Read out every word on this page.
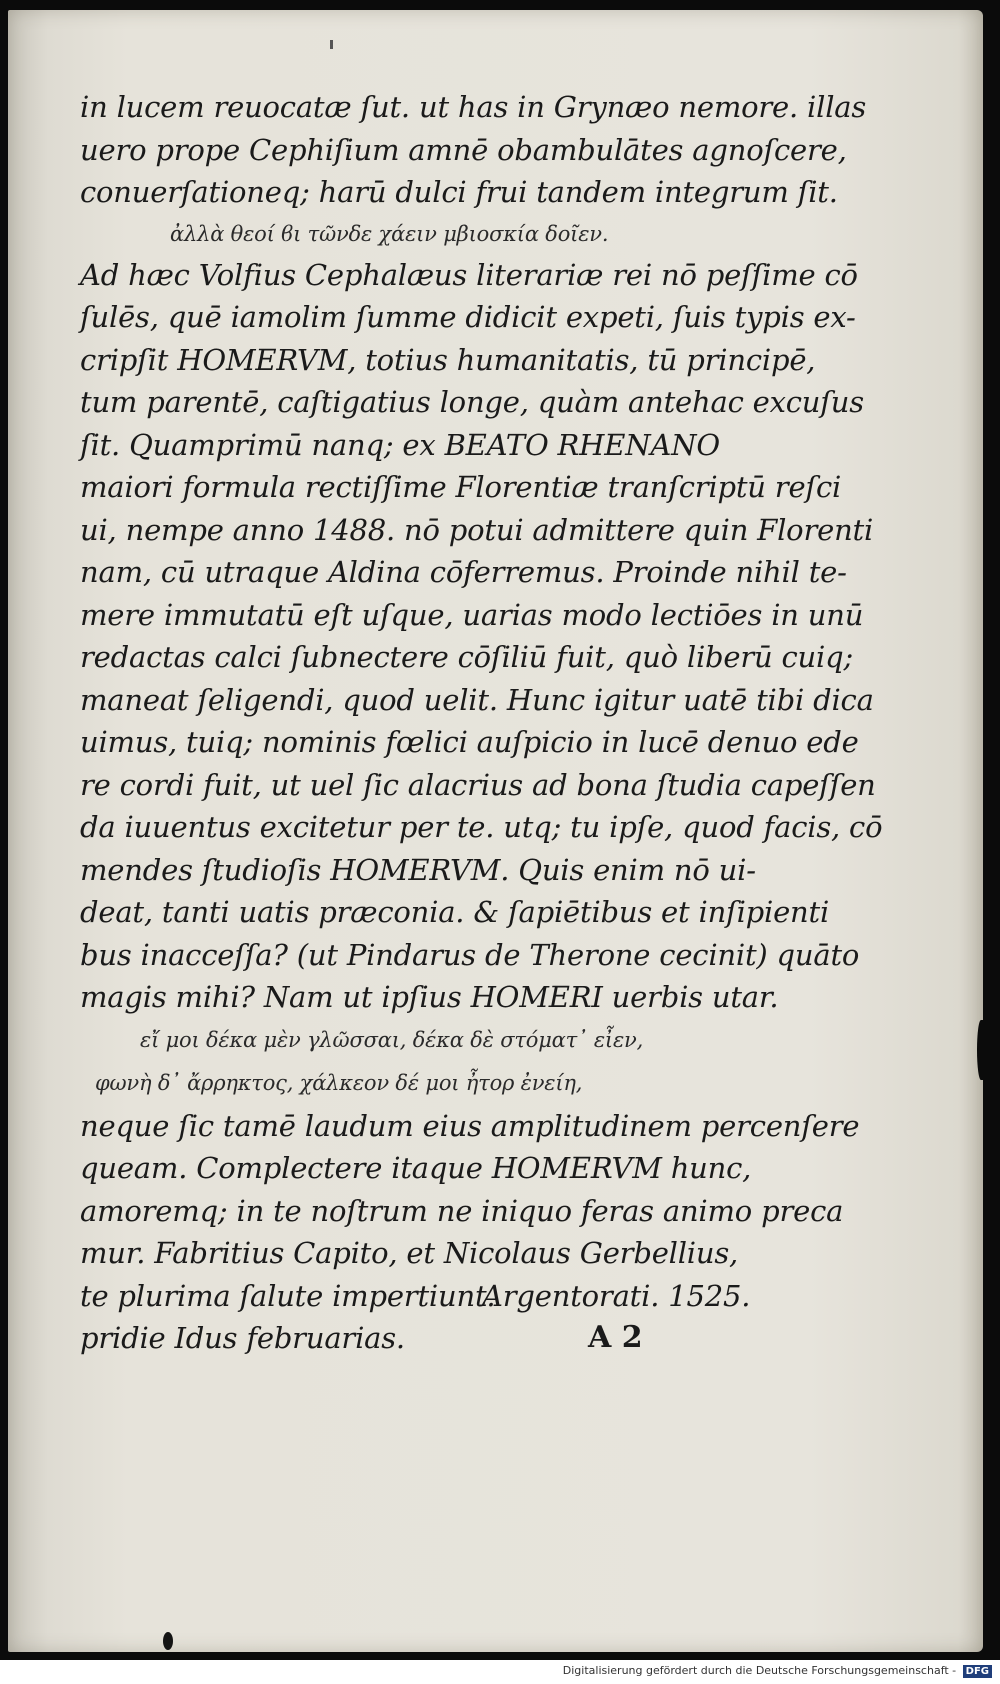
in lucem reuocatæ ſut. ut has in Grynæo nemore. illas
uero prope Cephiſium amnē obambulātes agnoſcere,
conuerſationeq; harū dulci frui tandem integrum ſit.
ἀλλὰ θεοί ϐι τῶνδε χάειν μβιοσκία δοῖεν.
Ad hæc Volfius Cephalæus literariæ rei nō peſſime cō
ſulēs, quē iamolim ſumme didicit expeti, ſuis typis ex-
cripſit HOMERVM, totius humanitatis, tū principē,
tum parentē, caſtigatius longe, quàm antehac excuſus
ſit. Quamprimū nanq; ex BEATO RHENANO
maiori formula rectiſſime Florentiæ tranſcriptū reſci
ui, nempe anno 1488. nō potui admittere quin Florenti
nam, cū utraque Aldina cōferremus. Proinde nihil te-
mere immutatū eſt uſque, uarias modo lectiōes in unū
redactas calci ſubnectere cōſiliū fuit, quò liberū cuiq;
maneat ſeligendi, quod uelit. Hunc igitur uatē tibi dica
uimus, tuiq; nominis fœlici auſpicio in lucē denuo ede
re cordi fuit, ut uel ſic alacrius ad bona ſtudia capeſſen
da iuuentus excitetur per te. utq; tu ipſe, quod facis, cō
mendes ſtudioſis HOMERVM. Quis enim nō ui-
deat, tanti uatis præconia. & ſapiētibus et inſipienti
bus inacceſſa? (ut Pindarus de Therone cecinit) quāto
magis mihi? Nam ut ipſius HOMERI uerbis utar.
εἴ μοι δέκα μὲν γλῶσσαι, δέκα δὲ στόματ᾽ εἶεν,
φωνὴ δ᾽ ἄρρηκτος, χάλκεον δέ μοι ἦτορ ἐνείη,
neque ſic tamē laudum eius amplitudinem percenſere
queam. Complectere itaque HOMERVM hunc,
amoremq; in te noſtrum ne iniquo feras animo preca
mur. Fabritius Capito, et Nicolaus Gerbellius,
te plurima ſalute impertiunt.
Argentorati. 1525.
pridie Idus februarias.	A 2
Digitalisierung gefördert durch die Deutsche Forschungsgemeinschaft - DFG
